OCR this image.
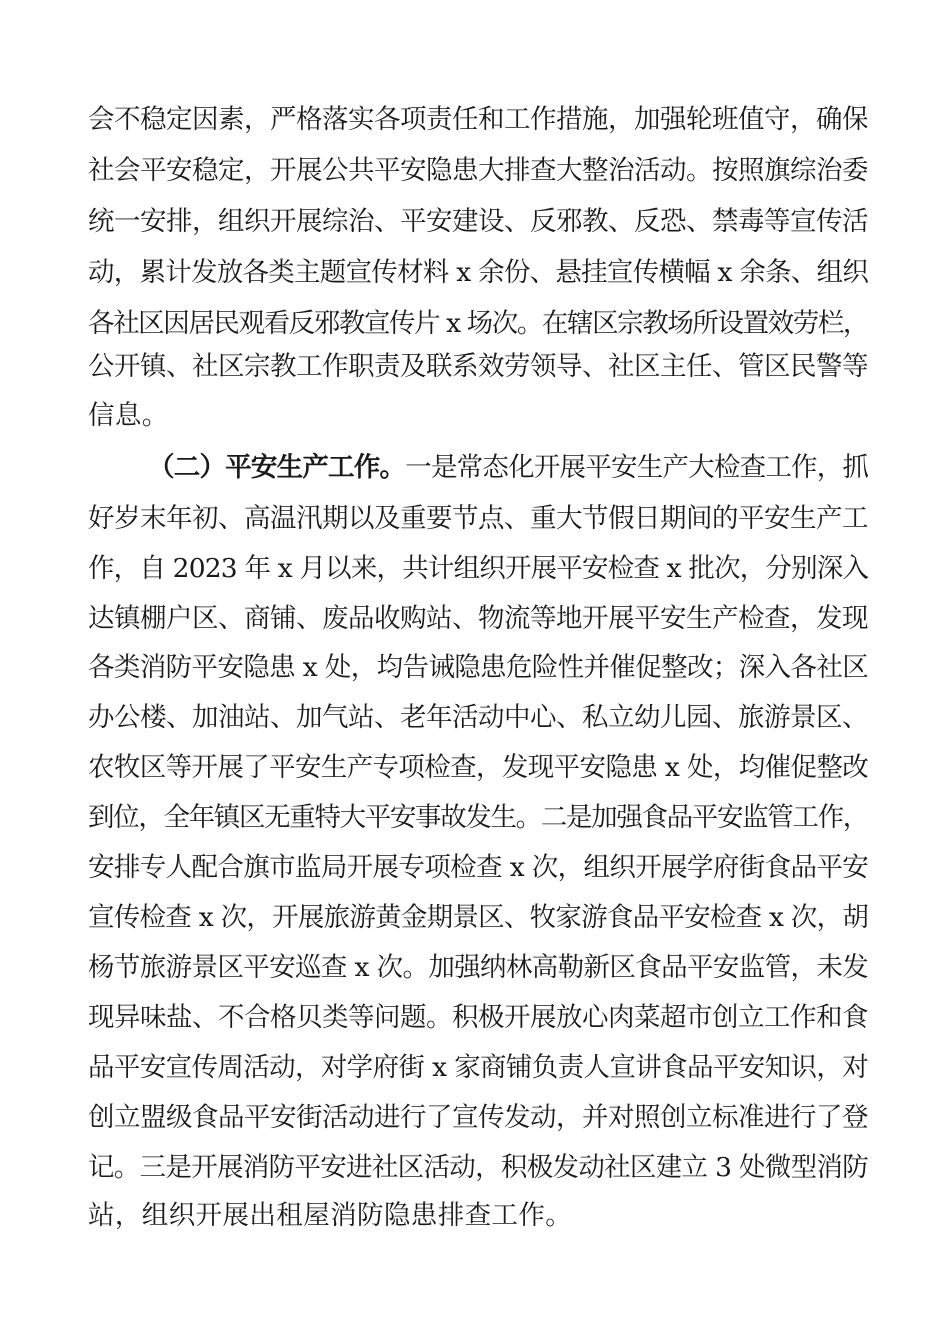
会不稳定因素，严格落实各项责任和工作措施，加强轮班值守，确保
社会平安稳定，开展公共平安隐患大排查大整治活动。按照旗综治委
统一安排，组织开展综治、平安建设、反邪教、反恐、禁毒等宣传活
动，累计发放各类主题宣传材料 x 余份、悬挂宣传横幅 x 余条、组织
各社区因居民观看反邪教宣传片 x 场次。在辖区宗教场所设置效劳栏，
公开镇、社区宗教工作职责及联系效劳领导、社区主任、管区民警等
信息。
（二）平安生产工作。一是常态化开展平安生产大检查工作，抓
好岁末年初、高温汛期以及重要节点、重大节假日期间的平安生产工
作，自 2023 年 x 月以来，共计组织开展平安检查 x 批次，分别深入
达镇棚户区、商铺、废品收购站、物流等地开展平安生产检查，发现
各类消防平安隐患 x 处，均告诫隐患危险性并催促整改；深入各社区
办公楼、加油站、加气站、老年活动中心、私立幼儿园、旅游景区、
农牧区等开展了平安生产专项检查，发现平安隐患 x 处，均催促整改
到位，全年镇区无重特大平安事故发生。二是加强食品平安监管工作，
安排专人配合旗市监局开展专项检查 x 次，组织开展学府街食品平安
宣传检查 x 次，开展旅游黄金期景区、牧家游食品平安检查 x 次，胡
杨节旅游景区平安巡查 x 次。加强纳林高勒新区食品平安监管，未发
现异味盐、不合格贝类等问题。积极开展放心肉菜超市创立工作和食
品平安宣传周活动，对学府街 x 家商铺负责人宣讲食品平安知识，对
创立盟级食品平安街活动进行了宣传发动，并对照创立标准进行了登
记。三是开展消防平安进社区活动，积极发动社区建立 3 处微型消防
站，组织开展出租屋消防隐患排查工作。
